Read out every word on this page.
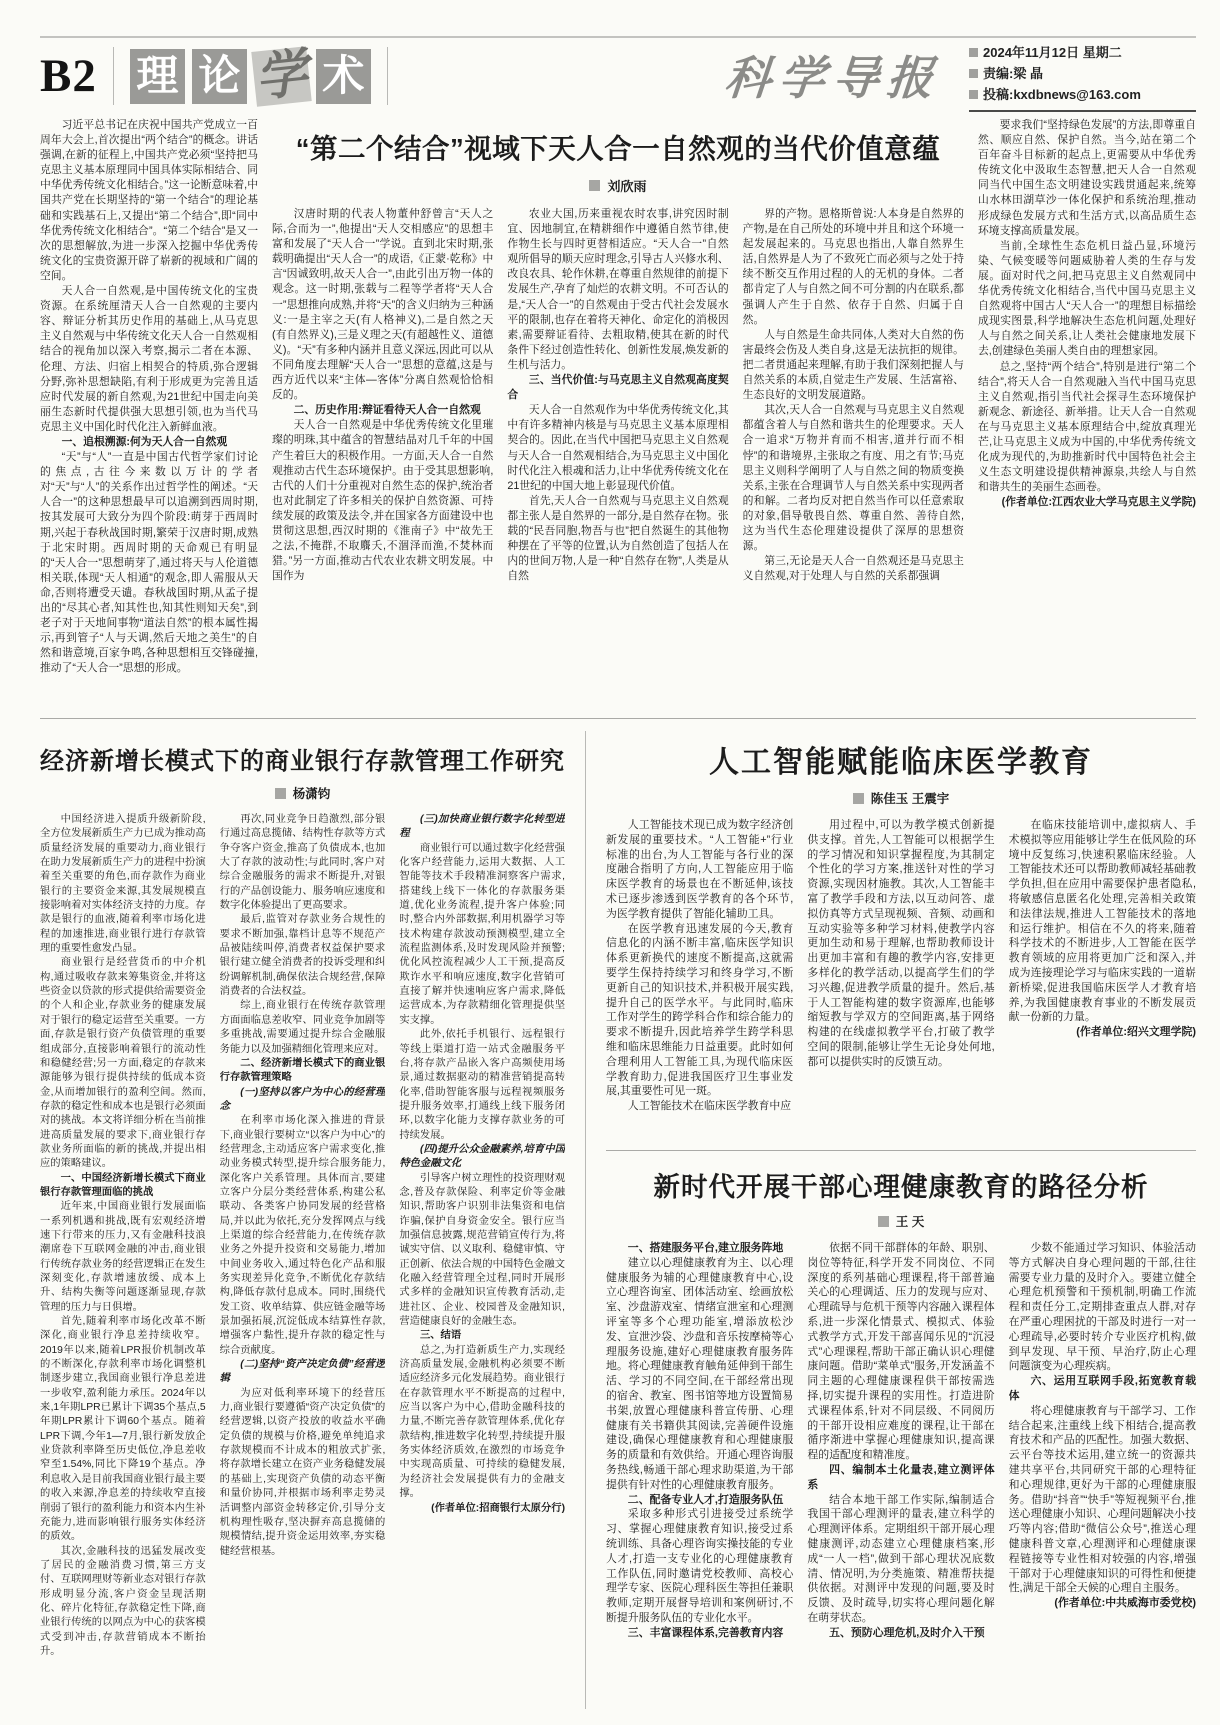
B2 理 论 学 术	科学导报
2024年11月12日 星期二
责编:梁 晶
投稿:kxdbnews@163.com

习近平总书记在庆祝中国共产党成立一百周年大会上,首次提出“两个结合”的概念。讲话强调,在新的征程上,中国共产党必须“坚持把马克思主义基本原理同中国具体实际相结合、同中华优秀传统文化相结合。”这一论断意味着,中国共产党在长期坚持的“第一个结合”的理论基础和实践基石上,又提出“第二个结合”,即“同中华优秀传统文化相结合”。“第二个结合”是又一次的思想解放,为进一步深入挖掘中华优秀传统文化的宝贵资源开辟了崭新的视域和广阔的空间。

天人合一自然观,是中国传统文化的宝贵资源。在系统厘清天人合一自然观的主要内容、辩证分析其历史作用的基础上,从马克思主义自然观与中华传统文化天人合一自然观相结合的视角加以深入考察,揭示二者在本源、伦理、方法、归宿上相契合的特质,弥合逻辑分野,弥补思想缺陷,有利于形成更为完善且适应时代发展的新自然观,为21世纪中国走向美丽生态新时代提供强大思想引领,也为当代马克思主义中国化时代化注入新鲜血液。

一、追根溯源:何为天人合一自然观

“天”与“人”一直是中国古代哲学家们讨论的焦点,古往今来数以万计的学者对“天”与“人”的关系作出过哲学性的阐述。“天人合一”的这种思想最早可以追溯到西周时期,按其发展可大致分为四个阶段:萌芽于西周时期,兴起于春秋战国时期,繁荣于汉唐时期,成熟于北宋时期。西周时期的天命观已有明显的“天人合一”思想萌芽了,通过将天与人伦道德相关联,体现“天人相通”的观念,即人需服从天命,否则将遭受天谴。春秋战国时期,从孟子提出的“尽其心者,知其性也,知其性则知天矣”,到老子对于天地间事物“道法自然”的根本属性揭示,再到管子“人与天调,然后天地之美生”的自然和谐意境,百家争鸣,各种思想相互交锋碰撞,推动了“天人合一”思想的形成。

“第二个结合”视域下天人合一自然观的当代价值意蕴
刘欣雨

汉唐时期的代表人物董仲舒曾言“天人之际,合而为一”,他提出“天人交相感应”的思想丰富和发展了“天人合一”学说。直到北宋时期,张载明确提出“天人合一”的成语,《正蒙·乾称》中言“因诚致明,故天人合一”,由此引出万物一体的观念。这一时期,张载与二程等学者将“天人合一”思想推向成熟,并将“天”的含义归纳为三种涵义:一是主宰之天(有人格神义),二是自然之天(有自然界义),三是义理之天(有超越性义、道德义)。“天”有多种内涵并且意义深远,因此可以从不同角度去理解“天人合一”思想的意蕴,这是与西方近代以来“主体—客体”分离自然观恰恰相反的。

二、历史作用:辩证看待天人合一自然观

天人合一自然观是中华优秀传统文化里璀璨的明珠,其中蕴含的智慧结晶对几千年的中国产生着巨大的积极作用。一方面,天人合一自然观推动古代生态环境保护。由于受其思想影响,古代的人们十分重视对自然生态的保护,统治者也对此制定了许多相关的保护自然资源、可持续发展的政策及法令,并在国家各方面建设中也贯彻这思想,西汉时期的《淮南子》中“故先王之法,不掩群,不取麛夭,不涸泽而渔,不焚林而猎。”另一方面,推动古代农业农耕文明发展。中国作为

农业大国,历来重视农时农事,讲究因时制宜、因地制宜,在精耕细作中遵循自然节律,使作物生长与四时更替相适应。“天人合一”自然观所倡导的顺天应时理念,引导古人兴修水利、改良农具、轮作休耕,在尊重自然规律的前提下发展生产,孕育了灿烂的农耕文明。不可否认的是,“天人合一”的自然观由于受古代社会发展水平的限制,也存在着将天神化、命定化的消极因素,需要辩证看待、去粗取精,使其在新的时代条件下经过创造性转化、创新性发展,焕发新的生机与活力。

三、当代价值:与马克思主义自然观高度契合

天人合一自然观作为中华优秀传统文化,其中有许多精神内核是与马克思主义基本原理相契合的。因此,在当代中国把马克思主义自然观与天人合一自然观相结合,为马克思主义中国化时代化注入根魂和活力,让中华优秀传统文化在21世纪的中国大地上彰显现代价值。

首先,天人合一自然观与马克思主义自然观都主张人是自然界的一部分,是自然存在物。张载的“民吾同胞,物吾与也”把自然诞生的其他物种摆在了平等的位置,认为自然创造了包括人在内的世间万物,人是一种“自然存在物”,人类是从自然

界的产物。恩格斯曾说:人本身是自然界的产物,是在自己所处的环境中并且和这个环境一起发展起来的。马克思也指出,人靠自然界生活,自然界是人为了不致死亡而必须与之处于持续不断交互作用过程的人的无机的身体。二者都肯定了人与自然之间不可分割的内在联系,都强调人产生于自然、依存于自然、归属于自然。

人与自然是生命共同体,人类对大自然的伤害最终会伤及人类自身,这是无法抗拒的规律。把二者贯通起来理解,有助于我们深刻把握人与自然关系的本质,自觉走生产发展、生活富裕、生态良好的文明发展道路。

其次,天人合一自然观与马克思主义自然观都蕴含着人与自然和谐共生的伦理要求。天人合一追求“万物并育而不相害,道并行而不相悖”的和谐境界,主张取之有度、用之有节;马克思主义则科学阐明了人与自然之间的物质变换关系,主张在合理调节人与自然关系中实现两者的和解。二者均反对把自然当作可以任意索取的对象,倡导敬畏自然、尊重自然、善待自然,这为当代生态伦理建设提供了深厚的思想资源。

第三,无论是天人合一自然观还是马克思主义自然观,对于处理人与自然的关系都强调

要求我们“坚持绿色发展”的方法,即尊重自然、顺应自然、保护自然。当今,站在第二个百年奋斗目标新的起点上,更需要从中华优秀传统文化中汲取生态智慧,把天人合一自然观同当代中国生态文明建设实践贯通起来,统筹山水林田湖草沙一体化保护和系统治理,推动形成绿色发展方式和生活方式,以高品质生态环境支撑高质量发展。

当前,全球性生态危机日益凸显,环境污染、气候变暖等问题威胁着人类的生存与发展。面对时代之问,把马克思主义自然观同中华优秀传统文化相结合,当代中国马克思主义自然观将中国古人“天人合一”的理想目标描绘成现实图景,科学地解决生态危机问题,处理好人与自然之间关系,让人类社会健康地发展下去,创建绿色美丽人类自由的理想家园。

总之,坚持“两个结合”,特别是进行“第二个结合”,将天人合一自然观融入当代中国马克思主义自然观,指引当代社会探寻生态环境保护新观念、新途径、新举措。让天人合一自然观在与马克思主义基本原理结合中,绽放真理光芒,让马克思主义成为中国的,中华优秀传统文化成为现代的,为助推新时代中国特色社会主义生态文明建设提供精神源泉,共绘人与自然和谐共生的美丽生态画卷。

(作者单位:江西农业大学马克思主义学院)

经济新增长模式下的商业银行存款管理工作研究
杨潇钧

中国经济进入提质升级新阶段,全方位发展新质生产力已成为推动高质量经济发展的重要动力,商业银行在助力发展新质生产力的进程中扮演着至关重要的角色,而存款作为商业银行的主要资金来源,其发展规模直接影响着对实体经济支持的力度。存款是银行的血液,随着利率市场化进程的加速推进,商业银行进行存款管理的重要性愈发凸显。

商业银行是经营货币的中介机构,通过吸收存款来筹集资金,并将这些资金以贷款的形式提供给需要资金的个人和企业,存款业务的健康发展对于银行的稳定运营至关重要。一方面,存款是银行资产负债管理的重要组成部分,直接影响着银行的流动性和稳健经营;另一方面,稳定的存款来源能够为银行提供持续的低成本资金,从而增加银行的盈利空间。然而,存款的稳定性和成本也是银行必须面对的挑战。本文将详细分析在当前推进高质量发展的要求下,商业银行存款业务所面临的新的挑战,并提出相应的策略建议。

一、中国经济新增长模式下商业银行存款管理面临的挑战

近年来,中国商业银行发展面临一系列机遇和挑战,既有宏观经济增速下行带来的压力,又有金融科技浪潮席卷下互联网金融的冲击,商业银行传统存款业务的经营逻辑正在发生深刻变化,存款增速放缓、成本上升、结构失衡等问题逐渐显现,存款管理的压力与日俱增。

首先,随着利率市场化改革不断深化,商业银行净息差持续收窄。2019年以来,随着LPR报价机制改革的不断深化,存款利率市场化调整机制逐步建立,我国商业银行净息差进一步收窄,盈利能力承压。2024年以来,1年期LPR已累计下调35个基点,5年期LPR累计下调60个基点。随着LPR下调,今年1—7月,银行新发放企业贷款利率降至历史低位,净息差收窄至1.54%,同比下降19个基点。净利息收入是目前我国商业银行最主要的收入来源,净息差的持续收窄直接削弱了银行的盈利能力和资本内生补充能力,进而影响银行服务实体经济的质效。

其次,金融科技的迅猛发展改变了居民的金融消费习惯,第三方支付、互联网理财等新业态对银行存款形成明显分流,客户资金呈现活期化、碎片化特征,存款稳定性下降,商业银行传统的以网点为中心的获客模式受到冲击,存款营销成本不断抬升。

再次,同业竞争日趋激烈,部分银行通过高息揽储、结构性存款等方式争夺客户资金,推高了负债成本,也加大了存款的波动性;与此同时,客户对综合金融服务的需求不断提升,对银行的产品创设能力、服务响应速度和数字化体验提出了更高要求。

最后,监管对存款业务合规性的要求不断加强,靠档计息等不规范产品被陆续叫停,消费者权益保护要求银行建立健全消费者的投诉受理和纠纷调解机制,确保依法合规经营,保障消费者的合法权益。

综上,商业银行在传统存款管理方面面临息差收窄、同业竞争加剧等多重挑战,需要通过提升综合金融服务能力以及加强精细化管理来应对。

二、经济新增长模式下的商业银行存款管理策略

(一)坚持以客户为中心的经营理念

在利率市场化深入推进的背景下,商业银行要树立“以客户为中心”的经营理念,主动适应客户需求变化,推动业务模式转型,提升综合服务能力,深化客户关系管理。具体而言,要建立客户分层分类经营体系,构建公私联动、各类客户协同发展的经营格局,并以此为依托,充分发挥网点与线上渠道的综合经营能力,在传统存款业务之外提升投资和交易能力,增加中间业务收入,通过特色化产品和服务实现差异化竞争,不断优化存款结构,降低存款付息成本。同时,围绕代发工资、收单结算、供应链金融等场景加强拓展,沉淀低成本结算性存款,增强客户黏性,提升存款的稳定性与综合贡献度。

(二)坚持“资产决定负债”经营逻辑

为应对低利率环境下的经营压力,商业银行要遵循“资产决定负债”的经营逻辑,以资产投放的收益水平确定负债的规模与价格,避免单纯追求存款规模而不计成本的粗放式扩张,将存款增长建立在资产业务稳健发展的基础上,实现资产负债的动态平衡和量价协同,并根据市场利率走势灵活调整内部资金转移定价,引导分支机构理性吸存,坚决摒弃高息揽储的规模情结,提升资金运用效率,夯实稳健经营根基。

(三)加快商业银行数字化转型进程

商业银行可以通过数字化经营强化客户经营能力,运用大数据、人工智能等技术手段精准洞察客户需求,搭建线上线下一体化的存款服务渠道,优化业务流程,提升客户体验;同时,整合内外部数据,利用机器学习等技术构建存款波动预测模型,建立全流程监测体系,及时发现风险并预警;优化风控流程减少人工干预,提高反欺诈水平和响应速度,数字化营销可直接了解并快速响应客户需求,降低运营成本,为存款精细化管理提供坚实支撑。

此外,依托手机银行、远程银行等线上渠道打造一站式金融服务平台,将存款产品嵌入客户高频使用场景,通过数据驱动的精准营销提高转化率,借助智能客服与远程视频服务提升服务效率,打通线上线下服务闭环,以数字化能力支撑存款业务的可持续发展。

(四)提升公众金融素养,培育中国特色金融文化

引导客户树立理性的投资理财观念,普及存款保险、利率定价等金融知识,帮助客户识别非法集资和电信诈骗,保护自身资金安全。银行应当加强信息披露,规范营销宣传行为,将诚实守信、以义取利、稳健审慎、守正创新、依法合规的中国特色金融文化融入经营管理全过程,同时开展形式多样的金融知识宣传教育活动,走进社区、企业、校园普及金融知识,营造健康良好的金融生态。

三、结语

总之,为打造新质生产力,实现经济高质量发展,金融机构必须要不断适应经济多元化发展趋势。商业银行在存款管理水平不断提高的过程中,应当以客户为中心,借助金融科技的力量,不断完善存款管理体系,优化存款结构,推进数字化转型,持续提升服务实体经济质效,在激烈的市场竞争中实现高质量、可持续的稳健发展,为经济社会发展提供有力的金融支撑。

(作者单位:招商银行太原分行)

人工智能赋能临床医学教育
陈佳玉 王震宇

人工智能技术现已成为数字经济创新发展的重要技术。“人工智能+”行业标准的出台,为人工智能与各行业的深度融合指明了方向,人工智能应用于临床医学教育的场景也在不断延伸,该技术已逐步渗透到医学教育的各个环节,为医学教育提供了智能化辅助工具。

在医学教育迅速发展的今天,教育信息化的内涵不断丰富,临床医学知识体系更新换代的速度不断提高,这就需要学生保持持续学习和终身学习,不断更新自己的知识技术,并积极开展实践,提升自己的医学水平。与此同时,临床工作对学生的跨学科合作和综合能力的要求不断提升,因此培养学生跨学科思维和临床思维能力日益重要。此时如何合理利用人工智能工具,为现代临床医学教育助力,促进我国医疗卫生事业发展,其重要性可见一斑。

人工智能技术在临床医学教育中应

用过程中,可以为教学模式创新提供支撑。首先,人工智能可以根据学生的学习情况和知识掌握程度,为其制定个性化的学习方案,推送针对性的学习资源,实现因材施教。其次,人工智能丰富了教学手段和方法,以互动问答、虚拟仿真等方式呈现视频、音频、动画和互动实验等多种学习材料,使教学内容更加生动和易于理解,也帮助教师设计出更加丰富和有趣的教学内容,安排更多样化的教学活动,以提高学生们的学习兴趣,促进教学质量的提升。然后,基于人工智能构建的数字资源库,也能够缩短教与学双方的空间距离,基于网络构建的在线虚拟教学平台,打破了教学空间的限制,能够让学生无论身处何地,都可以提供实时的反馈互动。

在临床技能培训中,虚拟病人、手术模拟等应用能够让学生在低风险的环境中反复练习,快速积累临床经验。人工智能技术还可以帮助教师减轻基础教学负担,但在应用中需要保护患者隐私,将敏感信息匿名化处理,完善相关政策和法律法规,推进人工智能技术的落地和运行维护。相信在不久的将来,随着科学技术的不断进步,人工智能在医学教育领域的应用将更加广泛和深入,并成为连接理论学习与临床实践的一道崭新桥梁,促进我国临床医学人才教育培养,为我国健康教育事业的不断发展贡献一份新的力量。

(作者单位:绍兴文理学院)

新时代开展干部心理健康教育的路径分析
王 天

一、搭建服务平台,建立服务阵地

建立以心理健康教育为主、以心理健康服务为辅的心理健康教育中心,设立心理咨询室、团体活动室、绘画放松室、沙盘游戏室、情绪宣泄室和心理测评室等多个心理功能室,增添放松沙发、宣泄沙袋、沙盘和音乐按摩椅等心理服务设施,建好心理健康教育服务阵地。将心理健康教育触角延伸到干部生活、学习的不同空间,在干部经常出现的宿舍、教室、图书馆等地方设置简易书架,放置心理健康科普宣传册、心理健康有关书籍供其阅读,完善硬件设施建设,确保心理健康教育和心理健康服务的质量和有效供给。开通心理咨询服务热线,畅通干部心理求助渠道,为干部提供有针对性的心理健康教育服务。

二、配备专业人才,打造服务队伍

采取多种形式引进接受过系统学习、掌握心理健康教育知识,接受过系统训练、具备心理咨询实操技能的专业人才,打造一支专业化的心理健康教育工作队伍,同时邀请党校教师、高校心理学专家、医院心理科医生等担任兼职教师,定期开展督导培训和案例研讨,不断提升服务队伍的专业化水平。

三、丰富课程体系,完善教育内容

依据不同干部群体的年龄、职别、岗位等特征,科学开发不同岗位、不同深度的系列基础心理课程,将干部普遍关心的心理调适、压力的发现与应对、心理疏导与危机干预等内容融入课程体系,进一步深化情景式、模拟式、体验式教学方式,开发干部喜闻乐见的“沉浸式”心理课程,帮助干部正确认识心理健康问题。借助“菜单式”服务,开发涵盖不同主题的心理健康课程供干部按需选择,切实提升课程的实用性。打造进阶式课程体系,针对不同层级、不同阅历的干部开设相应难度的课程,让干部在循序渐进中掌握心理健康知识,提高课程的适配度和精准度。

四、编制本土化量表,建立测评体系

结合本地干部工作实际,编制适合我国干部心理测评的量表,建立科学的心理测评体系。定期组织干部开展心理健康测评,动态建立心理健康档案,形成“一人一档”,做到干部心理状况底数清、情况明,为分类施策、精准帮扶提供依据。对测评中发现的问题,要及时反馈、及时疏导,切实将心理问题化解在萌芽状态。

五、预防心理危机,及时介入干预

少数不能通过学习知识、体验活动等方式解决自身心理问题的干部,往往需要专业力量的及时介入。要建立健全心理危机预警和干预机制,明确工作流程和责任分工,定期排查重点人群,对存在严重心理困扰的干部及时进行一对一心理疏导,必要时转介专业医疗机构,做到早发现、早干预、早治疗,防止心理问题演变为心理疾病。

六、运用互联网手段,拓宽教育载体

将心理健康教育与干部学习、工作结合起来,注重线上线下相结合,提高教育技术和产品的匹配性。加强大数据、云平台等技术运用,建立统一的资源共建共享平台,共同研究干部的心理特征和心理规律,更好为干部的心理健康服务。借助“抖音”“快手”等短视频平台,推送心理健康小知识、心理问题解决小技巧等内容;借助“微信公众号”,推送心理健康科普文章,心理测评和心理健康课程链接等专业性相对较强的内容,增强干部对于心理健康知识的可得性和便捷性,满足干部全天候的心理自主服务。

(作者单位:中共威海市委党校)
